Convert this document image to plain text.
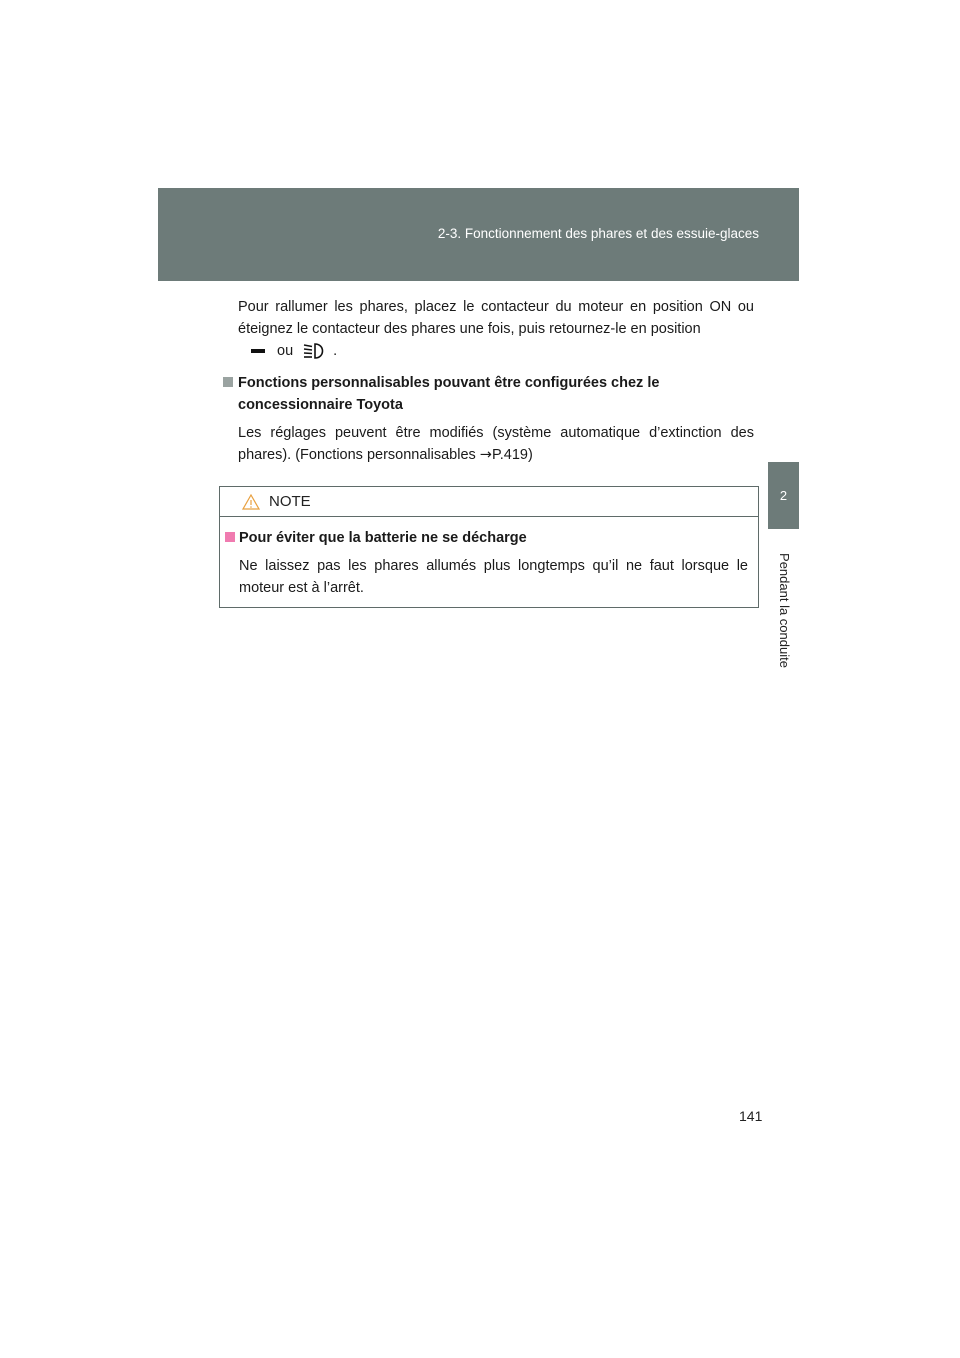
2-3. Fonctionnement des phares et des essuie-glaces
2
Pendant la conduite

Pour rallumer les phares, placez le contacteur du moteur en position ON ou éteignez le contacteur des phares une fois, puis retournez-le en position

ou	.
Fonctions personnalisables pouvant être configurées chez le
concessionnaire Toyota

Les réglages peuvent être modifiés (système automatique d’extinction des phares). (Fonctions personnalisables →P.419)

NOTE
Pour éviter que la batterie ne se décharge

Ne laissez pas les phares allumés plus longtemps qu’il ne faut lorsque le moteur est à l’arrêt.

141
